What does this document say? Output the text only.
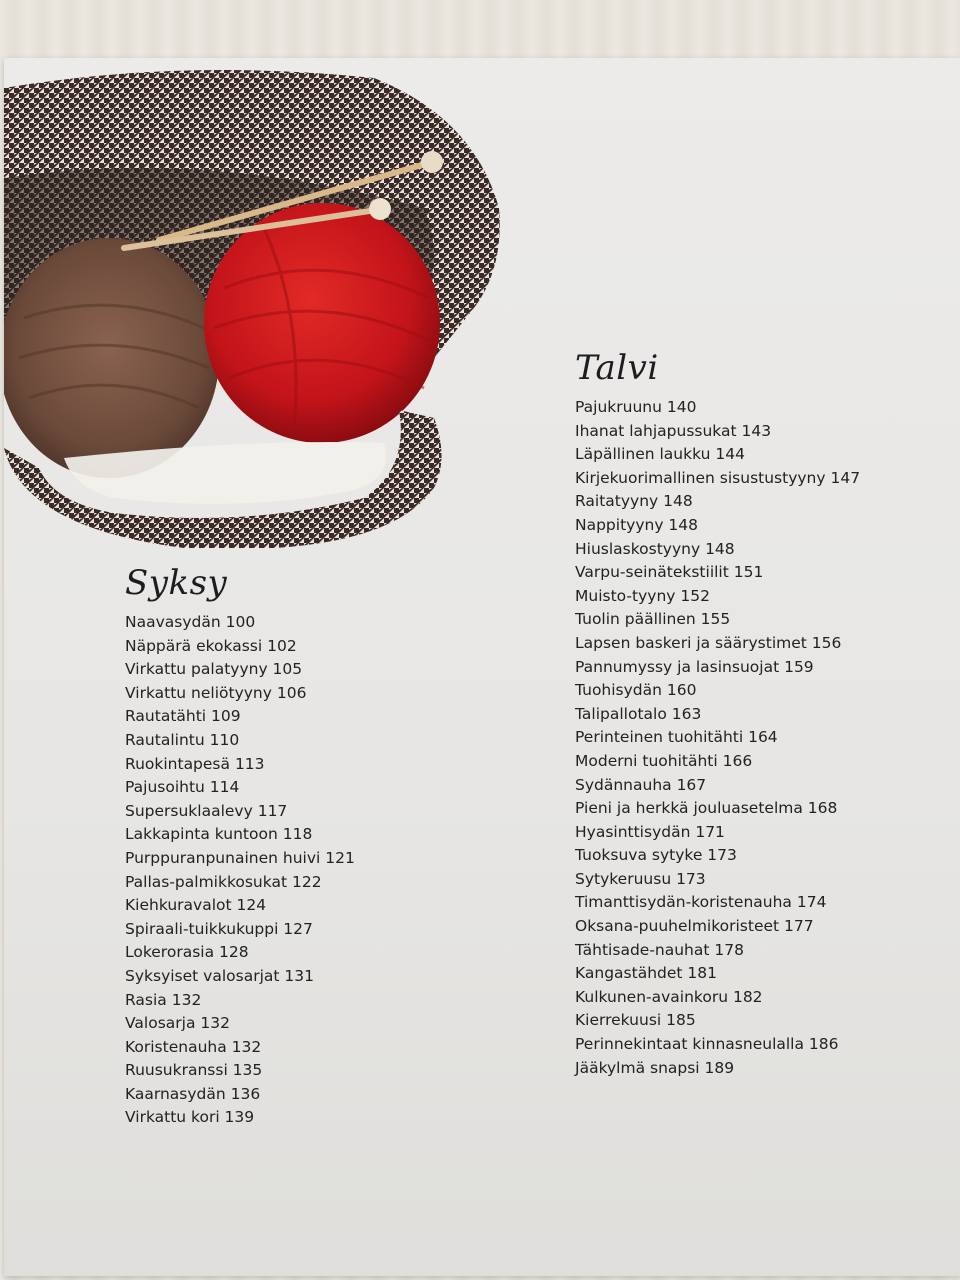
Syksy
Naavasydän 100
Näppärä ekokassi 102
Virkattu palatyyny 105
Virkattu neliötyyny 106
Rautatähti 109
Rautalintu 110
Ruokintapesä 113
Pajusoihtu 114
Supersuklaalevy 117
Lakkapinta kuntoon 118
Purppuranpunainen huivi 121
Pallas-palmikkosukat 122
Kiehkuravalot 124
Spiraali-tuikkukuppi 127
Lokerorasia 128
Syksyiset valosarjat 131
Rasia 132
Valosarja 132
Koristenauha 132
Ruusukranssi 135
Kaarnasydän 136
Virkattu kori 139
Talvi
Pajukruunu 140
Ihanat lahjapussukat 143
Läpällinen laukku 144
Kirjekuorimallinen sisustustyyny 147
Raitatyyny 148
Nappityyny 148
Hiuslaskostyyny 148
Varpu-seinätekstiilit 151
Muisto-tyyny 152
Tuolin päällinen 155
Lapsen baskeri ja säärystimet 156
Pannumyssy ja lasinsuojat 159
Tuohisydän 160
Talipallotalo 163
Perinteinen tuohitähti 164
Moderni tuohitähti 166
Sydännauha 167
Pieni ja herkkä jouluasetelma 168
Hyasinttisydän 171
Tuoksuva sytyke 173
Sytykeruusu 173
Timanttisydän-koristenauha 174
Oksana-puuhelmikoristeet 177
Tähtisade-nauhat 178
Kangastähdet 181
Kulkunen-avainkoru 182
Kierrekuusi 185
Perinnekintaat kinnasneulalla 186
Jääkylmä snapsi 189
